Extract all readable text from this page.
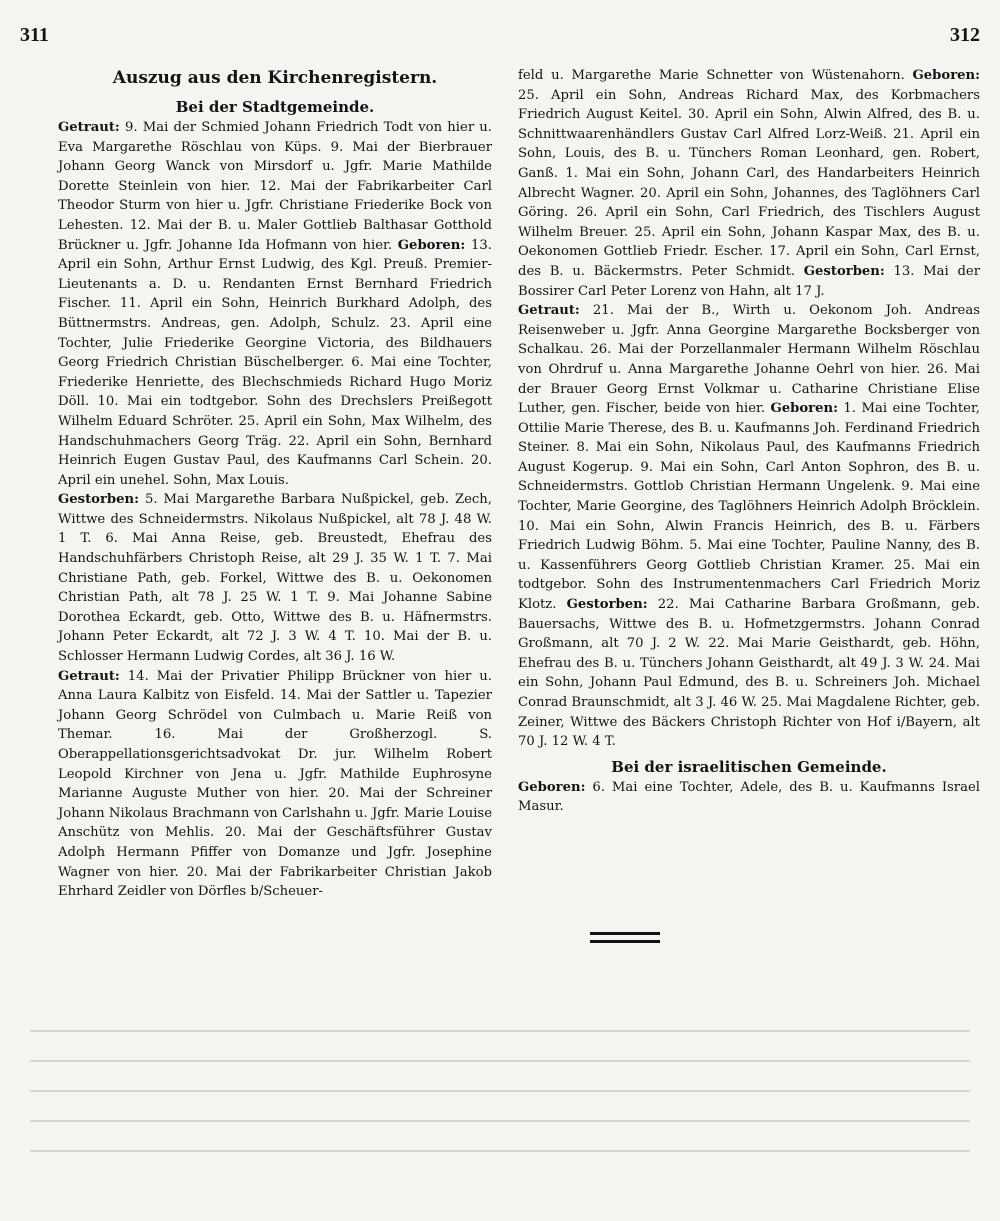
311	312
Auszug aus den Kirchenregistern.
Bei der Stadtgemeinde.

Getraut: 9. Mai der Schmied Johann Friedrich Todt von hier u. Eva Margarethe Röschlau von Küps. 9. Mai der Bierbrauer Johann Georg Wanck von Mirsdorf u. Jgfr. Marie Mathilde Dorette Steinlein von hier. 12. Mai der Fabrikarbeiter Carl Theodor Sturm von hier u. Jgfr. Christiane Friederike Bock von Lehesten. 12. Mai der B. u. Maler Gottlieb Balthasar Gotthold Brückner u. Jgfr. Johanne Ida Hofmann von hier. Geboren: 13. April ein Sohn, Arthur Ernst Ludwig, des Kgl. Preuß. Premier-Lieutenants a. D. u. Rendanten Ernst Bernhard Friedrich Fischer. 11. April ein Sohn, Heinrich Burkhard Adolph, des Büttnermstrs. Andreas, gen. Adolph, Schulz. 23. April eine Tochter, Julie Friederike Georgine Victoria, des Bildhauers Georg Friedrich Christian Büschelberger. 6. Mai eine Tochter, Friederike Henriette, des Blechschmieds Richard Hugo Moriz Döll. 10. Mai ein todtgebor. Sohn des Drechslers Preißegott Wilhelm Eduard Schröter. 25. April ein Sohn, Max Wilhelm, des Handschuhmachers Georg Träg. 22. April ein Sohn, Bernhard Heinrich Eugen Gustav Paul, des Kaufmanns Carl Schein. 20. April ein unehel. Sohn, Max Louis.

Gestorben: 5. Mai Margarethe Barbara Nußpickel, geb. Zech, Wittwe des Schneidermstrs. Nikolaus Nußpickel, alt 78 J. 48 W. 1 T. 6. Mai Anna Reise, geb. Breustedt, Ehefrau des Handschuhfärbers Christoph Reise, alt 29 J. 35 W. 1 T. 7. Mai Christiane Path, geb. Forkel, Wittwe des B. u. Oekonomen Christian Path, alt 78 J. 25 W. 1 T. 9. Mai Johanne Sabine Dorothea Eckardt, geb. Otto, Wittwe des B. u. Häfnermstrs. Johann Peter Eckardt, alt 72 J. 3 W. 4 T. 10. Mai der B. u. Schlosser Hermann Ludwig Cordes, alt 36 J. 16 W.

Getraut: 14. Mai der Privatier Philipp Brückner von hier u. Anna Laura Kalbitz von Eisfeld. 14. Mai der Sattler u. Tapezier Johann Georg Schrödel von Culmbach u. Marie Reiß von Themar. 16. Mai der Großherzogl. S. Oberappellationsgerichtsadvokat Dr. jur. Wilhelm Robert Leopold Kirchner von Jena u. Jgfr. Mathilde Euphrosyne Marianne Auguste Muther von hier. 20. Mai der Schreiner Johann Nikolaus Brachmann von Carlshahn u. Jgfr. Marie Louise Anschütz von Mehlis. 20. Mai der Geschäftsführer Gustav Adolph Hermann Pfiffer von Domanze und Jgfr. Josephine Wagner von hier. 20. Mai der Fabrikarbeiter Christian Jakob Ehrhard Zeidler von Dörfles b/Scheuer-

feld u. Margarethe Marie Schnetter von Wüstenahorn. Geboren: 25. April ein Sohn, Andreas Richard Max, des Korbmachers Friedrich August Keitel. 30. April ein Sohn, Alwin Alfred, des B. u. Schnittwaarenhändlers Gustav Carl Alfred Lorz-Weiß. 21. April ein Sohn, Louis, des B. u. Tünchers Roman Leonhard, gen. Robert, Ganß. 1. Mai ein Sohn, Johann Carl, des Handarbeiters Heinrich Albrecht Wagner. 20. April ein Sohn, Johannes, des Taglöhners Carl Göring. 26. April ein Sohn, Carl Friedrich, des Tischlers August Wilhelm Breuer. 25. April ein Sohn, Johann Kaspar Max, des B. u. Oekonomen Gottlieb Friedr. Escher. 17. April ein Sohn, Carl Ernst, des B. u. Bäckermstrs. Peter Schmidt. Gestorben: 13. Mai der Bossirer Carl Peter Lorenz von Hahn, alt 17 J.

Getraut: 21. Mai der B., Wirth u. Oekonom Joh. Andreas Reisenweber u. Jgfr. Anna Georgine Margarethe Bocksberger von Schalkau. 26. Mai der Porzellanmaler Hermann Wilhelm Röschlau von Ohrdruf u. Anna Margarethe Johanne Oehrl von hier. 26. Mai der Brauer Georg Ernst Volkmar u. Catharine Christiane Elise Luther, gen. Fischer, beide von hier. Geboren: 1. Mai eine Tochter, Ottilie Marie Therese, des B. u. Kaufmanns Joh. Ferdinand Friedrich Steiner. 8. Mai ein Sohn, Nikolaus Paul, des Kaufmanns Friedrich August Kogerup. 9. Mai ein Sohn, Carl Anton Sophron, des B. u. Schneidermstrs. Gottlob Christian Hermann Ungelenk. 9. Mai eine Tochter, Marie Georgine, des Taglöhners Heinrich Adolph Bröcklein. 10. Mai ein Sohn, Alwin Francis Heinrich, des B. u. Färbers Friedrich Ludwig Böhm. 5. Mai eine Tochter, Pauline Nanny, des B. u. Kassenführers Georg Gottlieb Christian Kramer. 25. Mai ein todtgebor. Sohn des Instrumentenmachers Carl Friedrich Moriz Klotz. Gestorben: 22. Mai Catharine Barbara Großmann, geb. Bauersachs, Wittwe des B. u. Hofmetzgermstrs. Johann Conrad Großmann, alt 70 J. 2 W. 22. Mai Marie Geisthardt, geb. Höhn, Ehefrau des B. u. Tünchers Johann Geisthardt, alt 49 J. 3 W. 24. Mai ein Sohn, Johann Paul Edmund, des B. u. Schreiners Joh. Michael Conrad Braunschmidt, alt 3 J. 46 W. 25. Mai Magdalene Richter, geb. Zeiner, Wittwe des Bäckers Christoph Richter von Hof i/Bayern, alt 70 J. 12 W. 4 T.

Bei der israelitischen Gemeinde.

Geboren: 6. Mai eine Tochter, Adele, des B. u. Kaufmanns Israel Masur.
